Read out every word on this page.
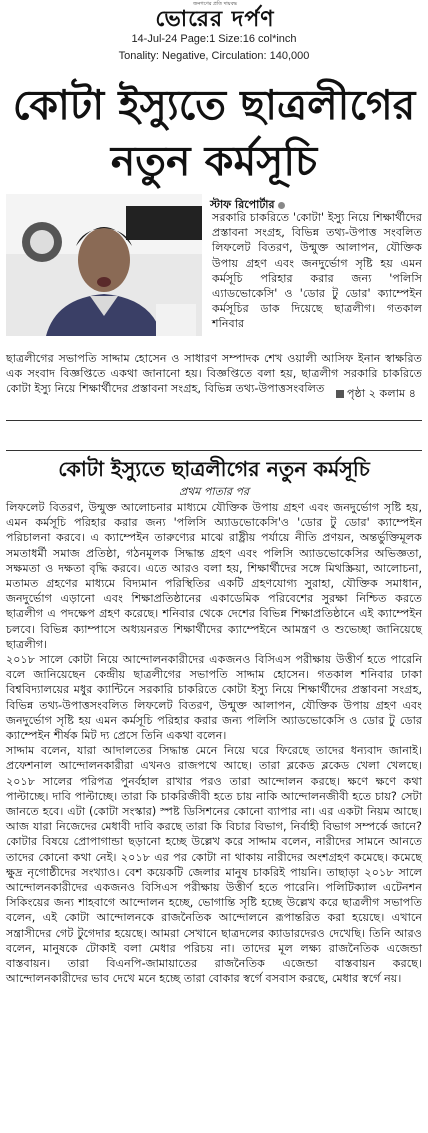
জনগণের প্রতি দায়বদ্ধ
ভোরের দর্পণ
14-Jul-24 Page:1 Size:16 col*inch
Tonality: Negative, Circulation: 140,000
কোটা ইস্যুতে ছাত্রলীগের
নতুন কর্মসূচি
স্টাফ রিপোর্টার
সরকারি চাকরিতে 'কোটা' ইস্যু নিয়ে শিক্ষার্থীদের প্রস্তাবনা সংগ্রহ, বিভিন্ন তথ্য-উপাত্ত সংবলিত লিফলেট বিতরণ, উন্মুক্ত আলাপন, যৌক্তিক উপায় গ্রহণ এবং জনদুর্ভোগ সৃষ্টি হয় এমন কর্মসূচি পরিহার করার জন্য 'পলিসি এ্যাডভোকেসি' ও 'ডোর টু ডোর' ক্যাম্পেইন কর্মসূচির ডাক দিয়েছে ছাত্রলীগ। গতকাল শনিবার
ছাত্রলীগের সভাপতি সাদ্দাম হোসেন ও সাধারণ সম্পাদক শেখ ওয়ালী আসিফ ইনান স্বাক্ষরিত এক সংবাদ বিজ্ঞপ্তিতে একথা জানানো হয়। বিজ্ঞপ্তিতে বলা হয়, ছাত্রলীগ সরকারি চাকরিতে কোটা ইস্যু নিয়ে শিক্ষার্থীদের প্রস্তাবনা সংগ্রহ, বিভিন্ন তথ্য-উপাত্তসংবলিত	পৃষ্ঠা ২ কলাম ৪
কোটা ইস্যুতে ছাত্রলীগের নতুন কর্মসূচি
প্রথম পাতার পর

লিফলেট বিতরণ, উন্মুক্ত আলোচনার মাধ্যমে যৌক্তিক উপায় গ্রহণ এবং জনদুর্ভোগ সৃষ্টি হয়, এমন কর্মসূচি পরিহার করার জন্য 'পলিসি অ্যাডভোকেসি'ও 'ডোর টু ডোর' ক্যাম্পেইন পরিচালনা করবে। এ ক্যাম্পেইন তারুণ্যের মাঝে রাষ্ট্রীয় পর্যায়ে নীতি প্রণয়ন, অন্তর্ভুক্তিমূলক সমতাধর্মী সমাজ প্রতিষ্ঠা, গঠনমূলক সিদ্ধান্ত গ্রহণ এবং পলিসি অ্যাডভোকেসির অভিজ্ঞতা, সক্ষমতা ও দক্ষতা বৃদ্ধি করবে। এতে আরও বলা হয়, শিক্ষার্থীদের সঙ্গে মিথস্ক্রিয়া, আলোচনা, মতামত গ্রহণের মাধ্যমে বিদ্যমান পরিস্থিতির একটি গ্রহণযোগ্য সুরাহা, যৌক্তিক সমাধান, জনদুর্ভোগ এড়ানো এবং শিক্ষাপ্রতিষ্ঠানের একাডেমিক পরিবেশের সুরক্ষা নিশ্চিত করতে ছাত্রলীগ এ পদক্ষেপ গ্রহণ করেছে। শনিবার থেকে দেশের বিভিন্ন শিক্ষাপ্রতিষ্ঠানে এই ক্যাম্পেইন চলবে। বিভিন্ন ক্যাম্পাসে অধ্যয়নরত শিক্ষার্থীদের ক্যাম্পেইনে আমন্ত্রণ ও শুভেচ্ছা জানিয়েছে ছাত্রলীগ।

২০১৮ সালে কোটা নিয়ে আন্দোলনকারীদের একজনও বিসিএস পরীক্ষায় উত্তীর্ণ হতে পারেনি বলে জানিয়েছেন কেন্দ্রীয় ছাত্রলীগের সভাপতি সাদ্দাম হোসেন। গতকাল শনিবার ঢাকা বিশ্ববিদ্যালয়ের মধুর ক্যান্টিনে সরকারি চাকরিতে কোটা ইস্যু নিয়ে শিক্ষার্থীদের প্রস্তাবনা সংগ্রহ, বিভিন্ন তথ্য-উপাত্তসংবলিত লিফলেট বিতরণ, উন্মুক্ত আলাপন, যৌক্তিক উপায় গ্রহণ এবং জনদুর্ভোগ সৃষ্টি হয় এমন কর্মসূচি পরিহার করার জন্য পলিসি অ্যাডভোকেসি ও ডোর টু ডোর ক্যাম্পেইন শীর্ষক মিট দ্য প্রেসে তিনি একথা বলেন।

সাদ্দাম বলেন, যারা আদালতের সিদ্ধান্ত মেনে নিয়ে ঘরে ফিরেছে তাদের ধন্যবাদ জানাই। প্রফেশনাল আন্দোলনকারীরা এখনও রাজপথে আছে। তারা ব্লকেড ব্লকেড খেলা খেলছে। ২০১৮ সালের পরিপত্র পুনর্বহাল রাখার পরও তারা আন্দোলন করছে। ক্ষণে ক্ষণে কথা পাল্টাচ্ছে। দাবি পাল্টাচ্ছে। তারা কি চাকরিজীবী হতে চায় নাকি আন্দোলনজীবী হতে চায়? সেটা জানতে হবে। এটা (কোটা সংস্কার) স্পষ্ট ডিসিশনের কোনো ব্যাপার না। এর একটা নিয়ম আছে। আজ যারা নিজেদের মেধাবী দাবি করছে তারা কি বিচার বিভাগ, নির্বাহী বিভাগ সম্পর্কে জানে? কোটার বিষয়ে প্রোপাগান্ডা ছড়ানো হচ্ছে উল্লেখ করে সাদ্দাম বলেন, নারীদের সামনে আনতে তাদের কোনো কথা নেই। ২০১৮ এর পর কোটা না থাকায় নারীদের অংশগ্রহণ কমেছে। কমেছে ক্ষুদ্র নৃগোষ্ঠীদের সংখ্যাও। বেশ কয়েকটি জেলার মানুষ চাকরিই পায়নি। তাছাড়া ২০১৮ সালে আন্দোলনকারীদের একজনও বিসিএস পরীক্ষায় উত্তীর্ণ হতে পারেনি। পলিটিক্যাল এটেনশন সিকিংয়ের জন্য শাহবাগে আন্দোলন হচ্ছে, ভোগান্তি সৃষ্টি হচ্ছে উল্লেখ করে ছাত্রলীগ সভাপতি বলেন, এই কোটা আন্দোলনকে রাজনৈতিক আন্দোলনে রূপান্তরিত করা হয়েছে। এখানে সন্ত্রাসীদের গেট টুগেদার হয়েছে। আমরা সেখানে ছাত্রদলের ক্যাডারদেরও দেখেছি। তিনি আরও বলেন, মানুষকে টোকাই বলা মেধার পরিচয় না। তাদের মূল লক্ষ্য রাজনৈতিক এজেন্ডা বাস্তবায়ন। তারা বিএনপি-জামায়াতের রাজনৈতিক এজেন্ডা বাস্তবায়ন করছে। আন্দোলনকারীদের ভাব দেখে মনে হচ্ছে তারা বোকার স্বর্গে বসবাস করছে, মেধার স্বর্গে নয়।
